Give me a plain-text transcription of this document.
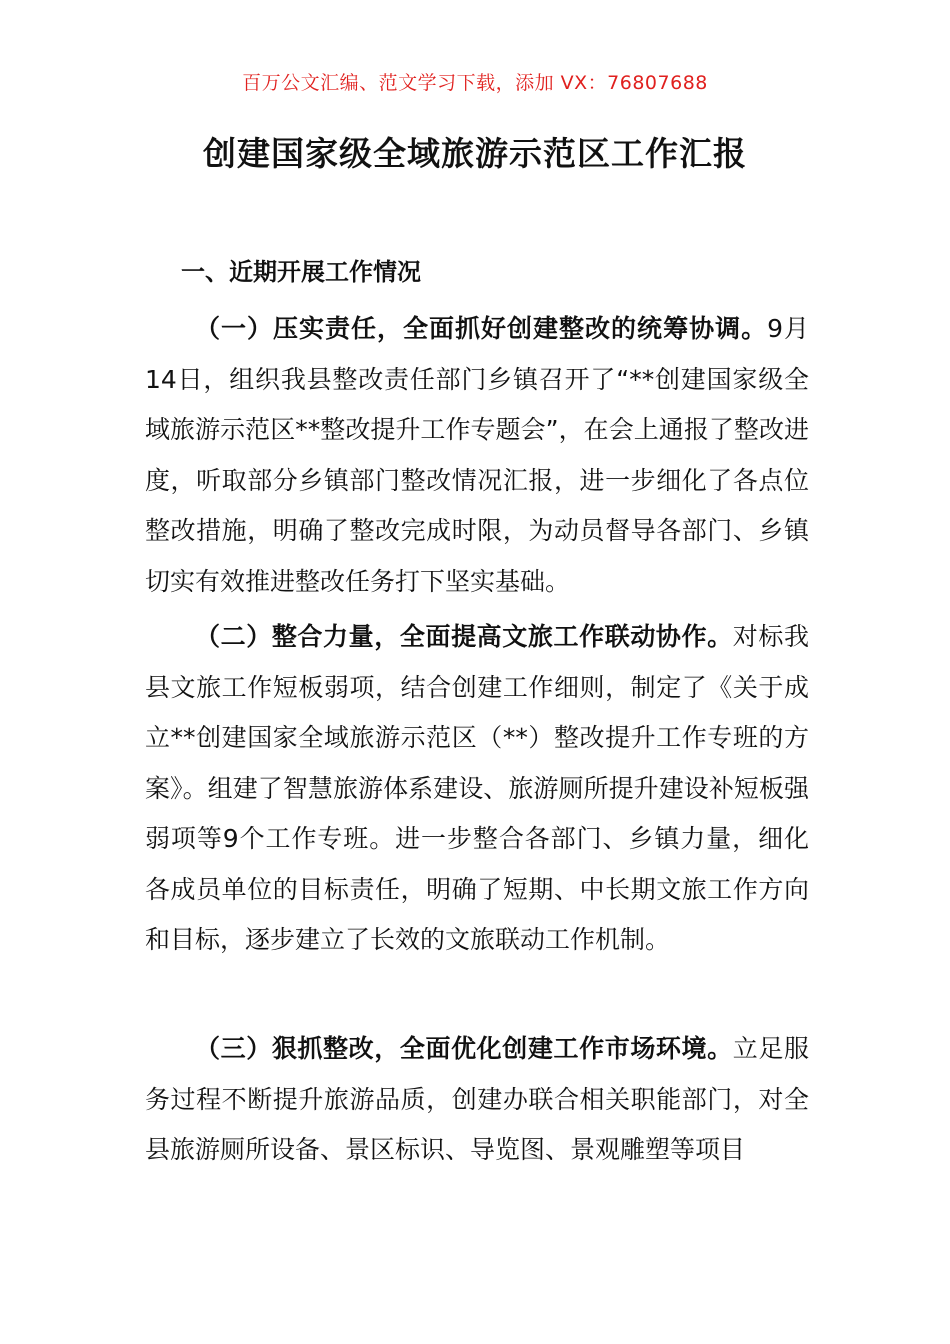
百万公文汇编、范文学习下载，添加 VX：76807688
创建国家级全域旅游示范区工作汇报
一、近期开展工作情况

（一）压实责任，全面抓好创建整改的统筹协调。9月14日，组织我县整改责任部门乡镇召开了“**创建国家级全域旅游示范区**整改提升工作专题会”，在会上通报了整改进度，听取部分乡镇部门整改情况汇报，进一步细化了各点位整改措施，明确了整改完成时限，为动员督导各部门、乡镇切实有效推进整改任务打下坚实基础。

（二）整合力量，全面提高文旅工作联动协作。对标我县文旅工作短板弱项，结合创建工作细则，制定了《关于成立**创建国家全域旅游示范区（**）整改提升工作专班的方案》。组建了智慧旅游体系建设、旅游厕所提升建设补短板强弱项等9个工作专班。进一步整合各部门、乡镇力量，细化各成员单位的目标责任，明确了短期、中长期文旅工作方向和目标，逐步建立了长效的文旅联动工作机制。

（三）狠抓整改，全面优化创建工作市场环境。立足服务过程不断提升旅游品质，创建办联合相关职能部门，对全县旅游厕所设备、景区标识、导览图、景观雕塑等项目
